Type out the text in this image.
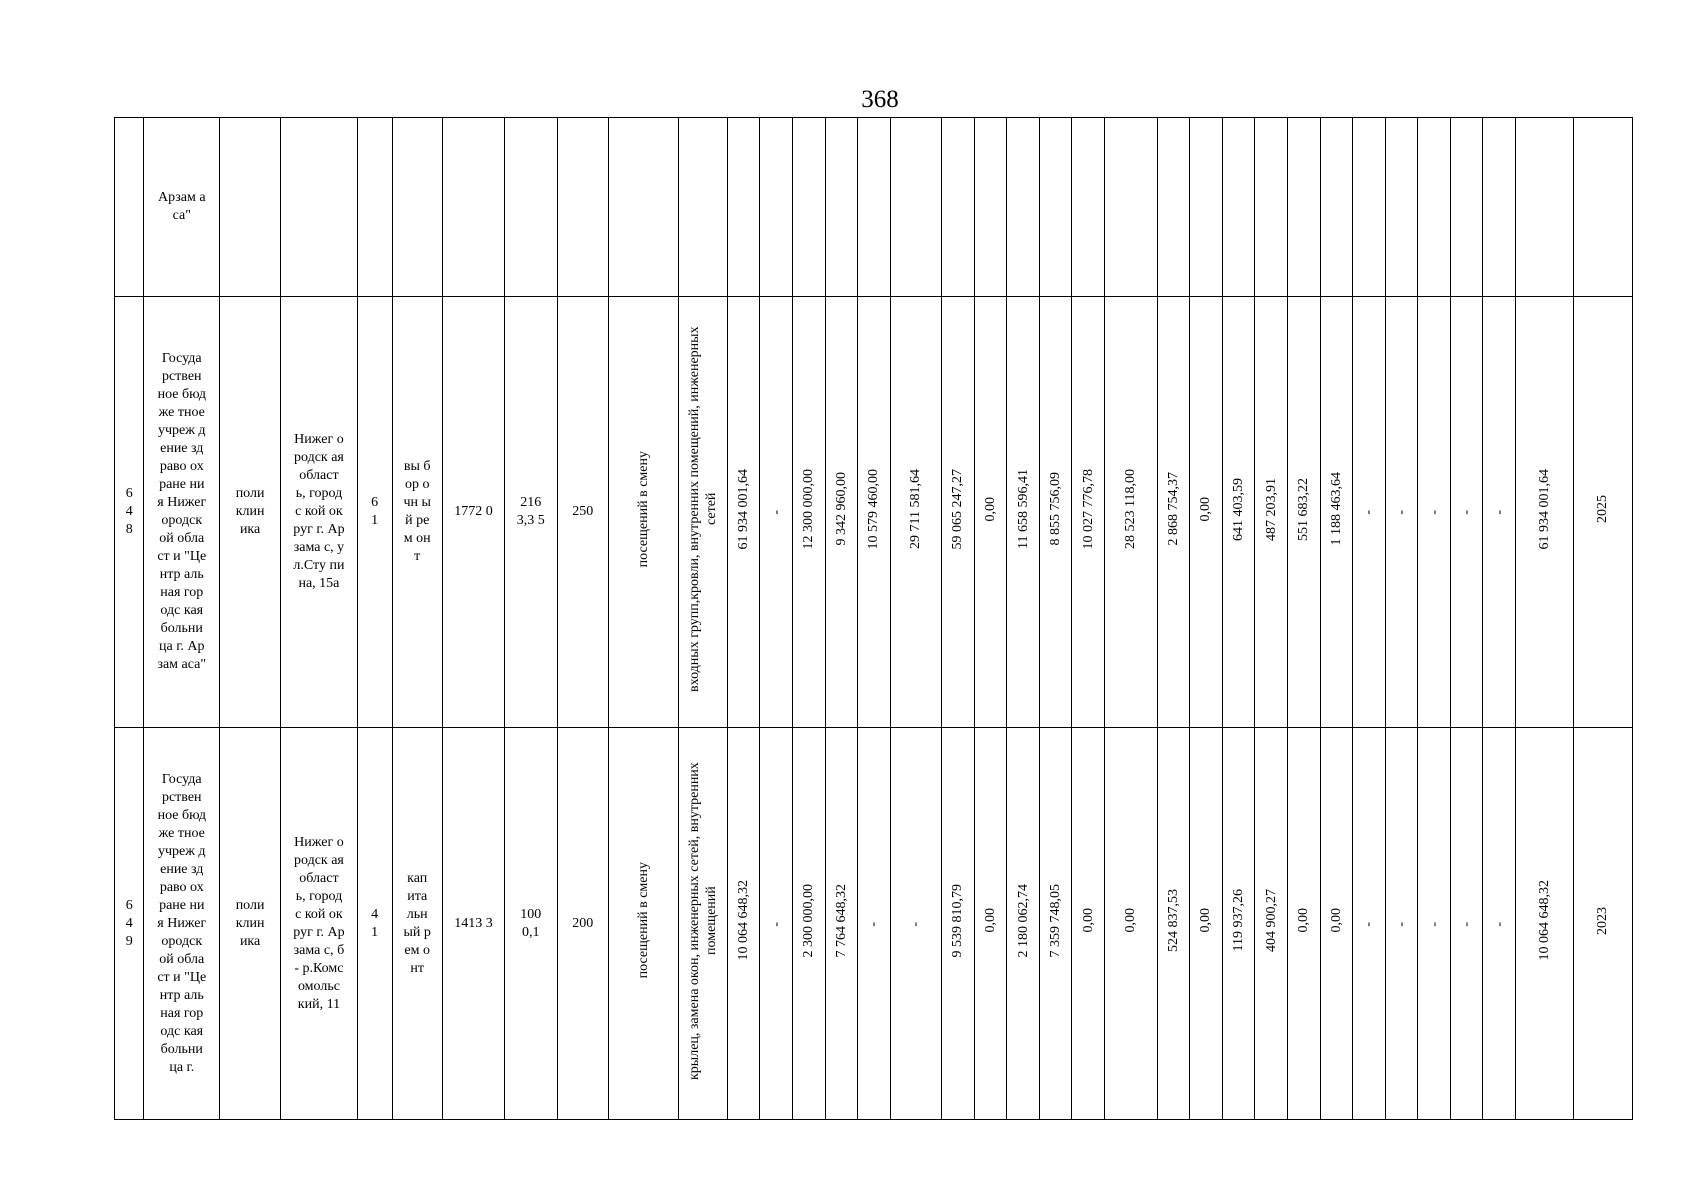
368
	Арзам аса"																																		
6 4 8	Госуда рствен ное бюдже тное учреж дение здраво охране ния Нижег ородск ой област и "Центр альная городс кая больни ца г. Арзам аса"	поли клин ика	Нижег ородск ая област ь, городс кой округ г. Арзама с, ул.Сту пина, 15а	6 1	вы бор очн ый рем онт	1772 0	216 3,3 5	250	посещений в смену	входных групп,кровли, внутренних помещений, инженерных сетей	61 934 001,64	-	12 300 000,00	9 342 960,00	10 579 460,00	29 711 581,64	59 065 247,27	0,00	11 658 596,41	8 855 756,09	10 027 776,78	28 523 118,00	2 868 754,37	0,00	641 403,59	487 203,91	551 683,22	1 188 463,64	-	-	-	-	-	61 934 001,64	2025
6 4 9	Госуда рствен ное бюдже тное учреж дение здраво охране ния Нижег ородск ой област и "Центр альная городс кая больни ца г.	поли клин ика	Нижег ородск ая област ь, городс кой округ г. Арзама с, б- р.Комс омольс кий, 11	4 1	кап ита льн ый рем онт	1413 3	100 0,1	200	посещений в смену	крылец, замена окон, инженерных сетей, внутренних помещений	10 064 648,32	-	2 300 000,00	7 764 648,32	-	-	9 539 810,79	0,00	2 180 062,74	7 359 748,05	0,00	0,00	524 837,53	0,00	119 937,26	404 900,27	0,00	0,00	-	-	-	-	-	10 064 648,32	2023
